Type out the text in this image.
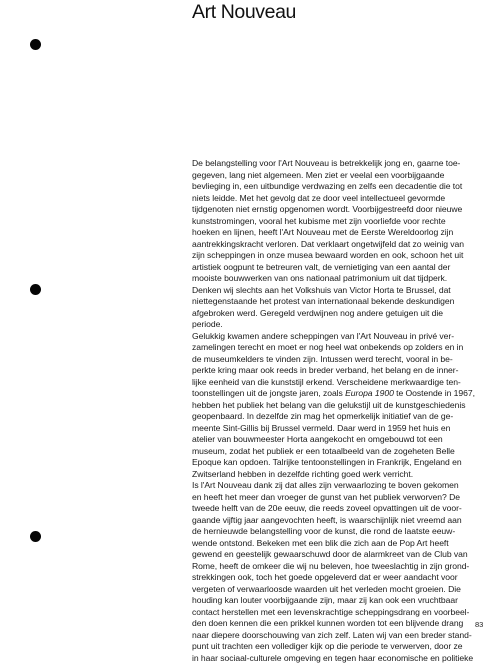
Art Nouveau
De belangstelling voor l'Art Nouveau is betrekkelijk jong en, gaarne toe-
gegeven, lang niet algemeen. Men ziet er veelal een voorbijgaande
bevlieging in, een uitbundige verdwazing en zelfs een decadentie die tot
niets leidde. Met het gevolg dat ze door veel intellectueel gevormde
tijdgenoten niet ernstig opgenomen wordt. Voorbijgestreefd door nieuwe
kunststromingen, vooral het kubisme met zijn voorliefde voor rechte
hoeken en lijnen, heeft l'Art Nouveau met de Eerste Wereldoorlog zijn
aantrekkingskracht verloren. Dat verklaart ongetwijfeld dat zo weinig van
zijn scheppingen in onze musea bewaard worden en ook, schoon het uit
artistiek oogpunt te betreuren valt, de vernietiging van een aantal der
mooiste bouwwerken van ons nationaal patrimonium uit dat tijdperk.
Denken wij slechts aan het Volkshuis van Victor Horta te Brussel, dat
niettegenstaande het protest van internationaal bekende deskundigen
afgebroken werd. Geregeld verdwijnen nog andere getuigen uit die
periode.
Gelukkig kwamen andere scheppingen van l'Art Nouveau in privé ver-
zamelingen terecht en moet er nog heel wat onbekends op zolders en in
de museumkelders te vinden zijn. Intussen werd terecht, vooral in be-
perkte kring maar ook reeds in breder verband, het belang en de inner-
lijke eenheid van die kunststijl erkend. Verscheidene merkwaardige ten-
toonstellingen uit de jongste jaren, zoals Europa 1900 te Oostende in 1967,
hebben het publiek het belang van die gelukstijl uit de kunstgeschiedenis
geopenbaard. In dezelfde zin mag het opmerkelijk initiatief van de ge-
meente Sint-Gillis bij Brussel vermeld. Daar werd in 1959 het huis en
atelier van bouwmeester Horta aangekocht en omgebouwd tot een
museum, zodat het publiek er een totaalbeeld van de zogeheten Belle
Epoque kan opdoen. Talrijke tentoonstellingen in Frankrijk, Engeland en
Zwitserland hebben in dezelfde richting goed werk verricht.
Is l'Art Nouveau dank zij dat alles zijn verwaarlozing te boven gekomen
en heeft het meer dan vroeger de gunst van het publiek verworven? De
tweede helft van de 20e eeuw, die reeds zoveel opvattingen uit de voor-
gaande vijftig jaar aangevochten heeft, is waarschijnlijk niet vreemd aan
de hernieuwde belangstelling voor de kunst, die rond de laatste eeuw-
wende ontstond. Bekeken met een blik die zich aan de Pop Art heeft
gewend en geestelijk gewaarschuwd door de alarmkreet van de Club van
Rome, heeft de omkeer die wij nu beleven, hoe tweeslachtig in zijn grond-
strekkingen ook, toch het goede opgeleverd dat er weer aandacht voor
vergeten of verwaarloosde waarden uit het verleden mocht groeien. Die
houding kan louter voorbijgaande zijn, maar zij kan ook een vruchtbaar
contact herstellen met een levenskrachtige scheppingsdrang en voorbeel-
den doen kennen die een prikkel kunnen worden tot een blijvende drang
naar diepere doorschouwing van zich zelf. Laten wij van een breder stand-
punt uit trachten een vollediger kijk op die periode te verwerven, door ze
in haar sociaal-culturele omgeving en tegen haar economische en politieke
83
